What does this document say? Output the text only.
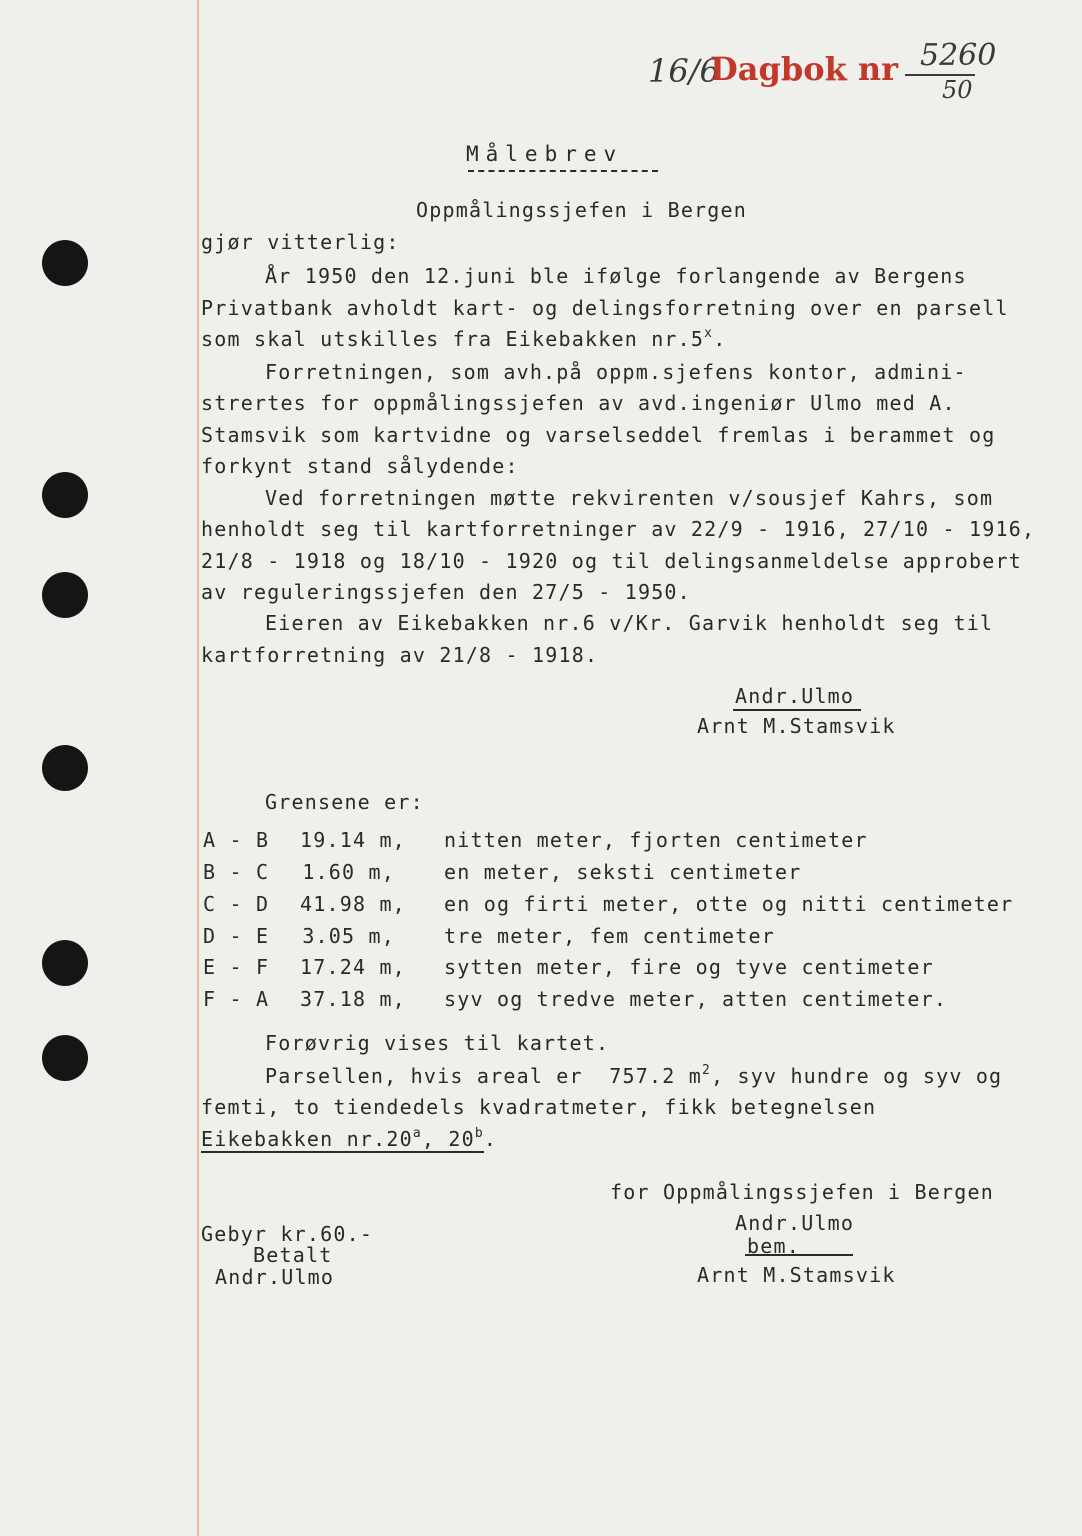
16/6
Dagbok nr 5260
50
Målebrev
Oppmålingssjefen i Bergen
gjør vitterlig:
År 1950 den 12.juni ble ifølge forlangende av Bergens
Privatbank avholdt kart- og delingsforretning over en parsell
som skal utskilles fra Eikebakken nr.5$^x$.
Forretningen, som avh.på oppm.sjefens kontor, admini-
strertes for oppmålingssjefen av avd.ingeniør Ulmo med A.
Stamsvik som kartvidne og varselseddel fremlas i berammet og
forkynt stand sålydende:
Ved forretningen møtte rekvirenten v/sousjef Kahrs, som
henholdt seg til kartforretninger av 22/9 - 1916, 27/10 - 1916,
21/8 - 1918 og 18/10 - 1920 og til delingsanmeldelse approbert
av reguleringssjefen den 27/5 - 1950.
Eieren av Eikebakken nr.6 v/Kr. Garvik henholdt seg til
kartforretning av 21/8 - 1918.
Andr.Ulmo
Arnt M.Stamsvik
Grensene er:
A - B 19.14 m, nitten meter, fjorten centimeter
B - C 1.60 m, en meter, seksti centimeter
C - D 41.98 m, en og firti meter, otte og nitti centimeter
D - E 3.05 m, tre meter, fem centimeter
E - F 17.24 m, sytten meter, fire og tyve centimeter
F - A 37.18 m, syv og tredve meter, atten centimeter.
Forøvrig vises til kartet.
Parsellen, hvis areal er 757.2 $m^2$, syv hundre og syv og
femti, to tiendedels kvadratmeter, fikk betegnelsen
Eikebakken nr.20$^a$, 20$^b$.
for Oppmålingssjefen i Bergen
Andr.Ulmo
bem.
Arnt M.Stamsvik
Gebyr kr.60.-
Betalt
Andr.Ulmo
